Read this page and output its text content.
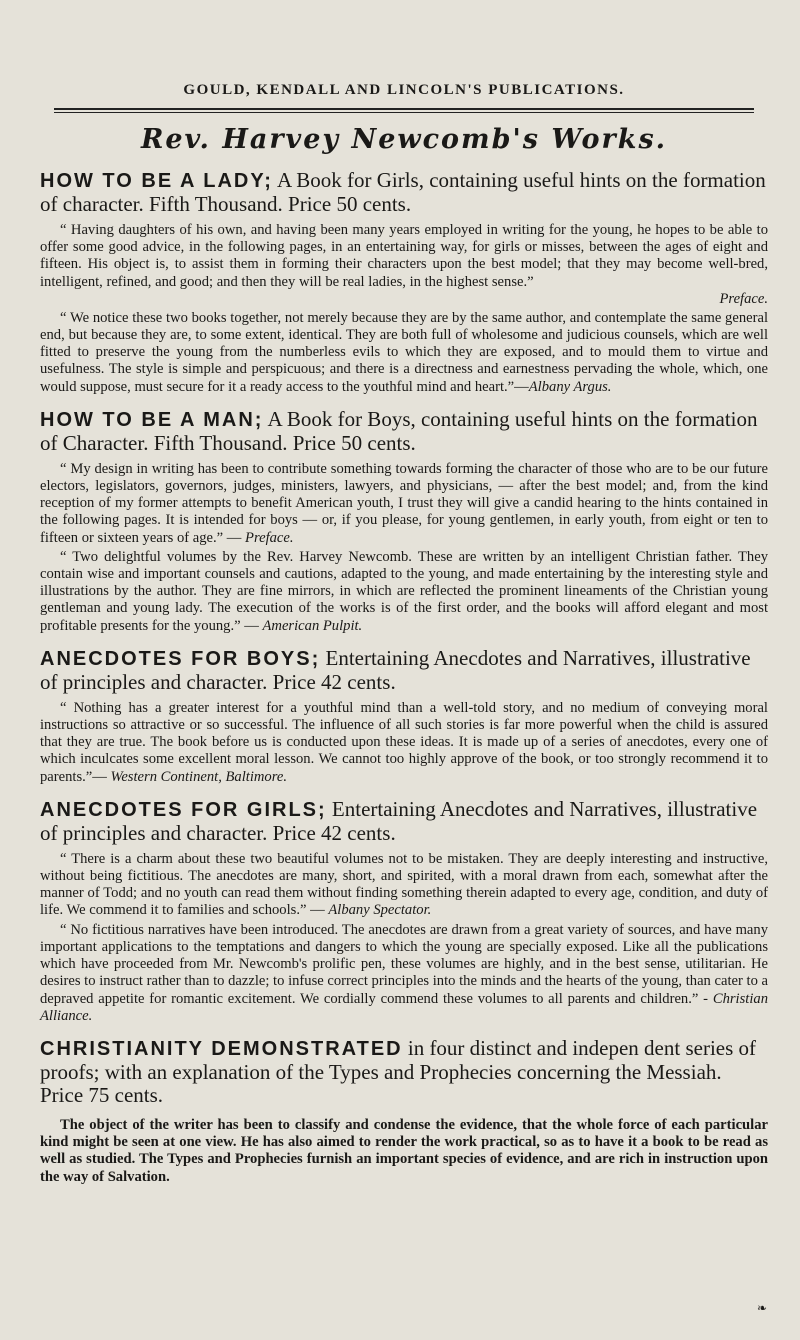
GOULD, KENDALL AND LINCOLN'S PUBLICATIONS.
Rev. Harvey Newcomb's Works.
HOW TO BE A LADY; A Book for Girls, containing useful hints on the formation of character. Fifth Thousand. Price 50 cents.

“ Having daughters of his own, and having been many years employed in writing for the young, he hopes to be able to offer some good advice, in the following pages, in an entertaining way, for girls or misses, between the ages of eight and fifteen. His object is, to assist them in forming their characters upon the best model; that they may become well-bred, intelligent, refined, and good; and then they will be real ladies, in the highest sense.”

Preface.

“ We notice these two books together, not merely because they are by the same author, and contemplate the same general end, but because they are, to some extent, identical. They are both full of wholesome and judicious counsels, which are well fitted to preserve the young from the numberless evils to which they are exposed, and to mould them to virtue and usefulness. The style is simple and perspicuous; and there is a directness and earnestness pervading the whole, which, one would suppose, must secure for it a ready access to the youthful mind and heart.”—Albany Argus.

HOW TO BE A MAN; A Book for Boys, containing useful hints on the formation of Character. Fifth Thousand. Price 50 cents.

“ My design in writing has been to contribute something towards forming the character of those who are to be our future electors, legislators, governors, judges, ministers, lawyers, and physicians, — after the best model; and, from the kind reception of my former attempts to benefit American youth, I trust they will give a candid hearing to the hints contained in the following pages. It is intended for boys — or, if you please, for young gentlemen, in early youth, from eight or ten to fifteen or sixteen years of age.” — Preface.

“ Two delightful volumes by the Rev. Harvey Newcomb. These are written by an intelligent Christian father. They contain wise and important counsels and cautions, adapted to the young, and made entertaining by the interesting style and illustrations by the author. They are fine mirrors, in which are reflected the prominent lineaments of the Christian young gentleman and young lady. The execution of the works is of the first order, and the books will afford elegant and most profitable presents for the young.” — American Pulpit.

ANECDOTES FOR BOYS; Entertaining Anecdotes and Narratives, illustrative of principles and character. Price 42 cents.

“ Nothing has a greater interest for a youthful mind than a well-told story, and no medium of conveying moral instructions so attractive or so successful. The influence of all such stories is far more powerful when the child is assured that they are true. The book before us is conducted upon these ideas. It is made up of a series of anecdotes, every one of which inculcates some excellent moral lesson. We cannot too highly approve of the book, or too strongly recommend it to parents.”— Western Continent, Baltimore.

ANECDOTES FOR GIRLS; Entertaining Anecdotes and Narratives, illustrative of principles and character. Price 42 cents.

“ There is a charm about these two beautiful volumes not to be mistaken. They are deeply interesting and instructive, without being fictitious. The anecdotes are many, short, and spirited, with a moral drawn from each, somewhat after the manner of Todd; and no youth can read them without finding something therein adapted to every age, condition, and duty of life. We commend it to families and schools.” — Albany Spectator.

“ No fictitious narratives have been introduced. The anecdotes are drawn from a great variety of sources, and have many important applications to the temptations and dangers to which the young are specially exposed. Like all the publications which have proceeded from Mr. Newcomb's prolific pen, these volumes are highly, and in the best sense, utilitarian. He desires to instruct rather than to dazzle; to infuse correct principles into the minds and the hearts of the young, than cater to a depraved appetite for romantic excitement. We cordially commend these volumes to all parents and children.” - Christian Alliance.

CHRISTIANITY DEMONSTRATED in four distinct and indepen dent series of proofs; with an explanation of the Types and Prophecies concerning the Messiah. Price 75 cents.

The object of the writer has been to classify and condense the evidence, that the whole force of each particular kind might be seen at one view. He has also aimed to render the work practical, so as to have it a book to be read as well as studied. The Types and Prophecies furnish an important species of evidence, and are rich in instruction upon the way of Salvation.

❧
